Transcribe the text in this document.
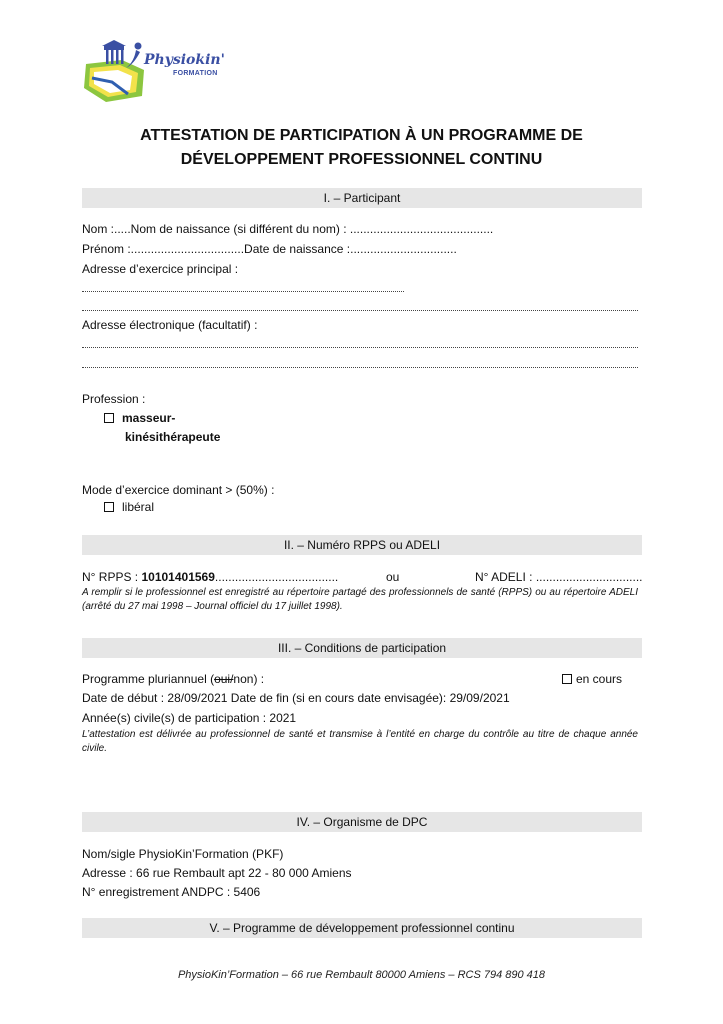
Physiokin'
FORMATION
ATTESTATION DE PARTICIPATION À UN PROGRAMME DE
DÉVELOPPEMENT PROFESSIONNEL CONTINU
I. – Participant
Nom :.....Nom de naissance (si différent du nom) : ...........................................
Prénom :..................................Date de naissance :................................
Adresse d’exercice principal :
Adresse électronique (facultatif) :
Profession :
masseur-
kinésithérapeute
Mode d’exercice dominant > (50%) :
libéral
II. – Numéro RPPS ou ADELI
N° RPPS : 10101401569.....................................	ou	N° ADELI : ................................
A remplir si le professionnel est enregistré au répertoire partagé des professionnels de santé (RPPS) ou au répertoire ADELI (arrêté du 27 mai 1998 – Journal officiel du 17 juillet 1998).
III. – Conditions de participation
Programme pluriannuel (oui/non) :	en cours
Date de début : 28/09/2021 Date de fin (si en cours date envisagée): 29/09/2021
Année(s) civile(s) de participation : 2021
L’attestation est délivrée au professionnel de santé et transmise à l’entité en charge du contrôle au titre de chaque année civile.
IV. – Organisme de DPC
Nom/sigle PhysioKin’Formation (PKF)
Adresse : 66 rue Rembault apt 22 - 80 000 Amiens
N° enregistrement ANDPC : 5406
V. – Programme de développement professionnel continu
PhysioKin’Formation – 66 rue Rembault 80000 Amiens – RCS 794 890 418
